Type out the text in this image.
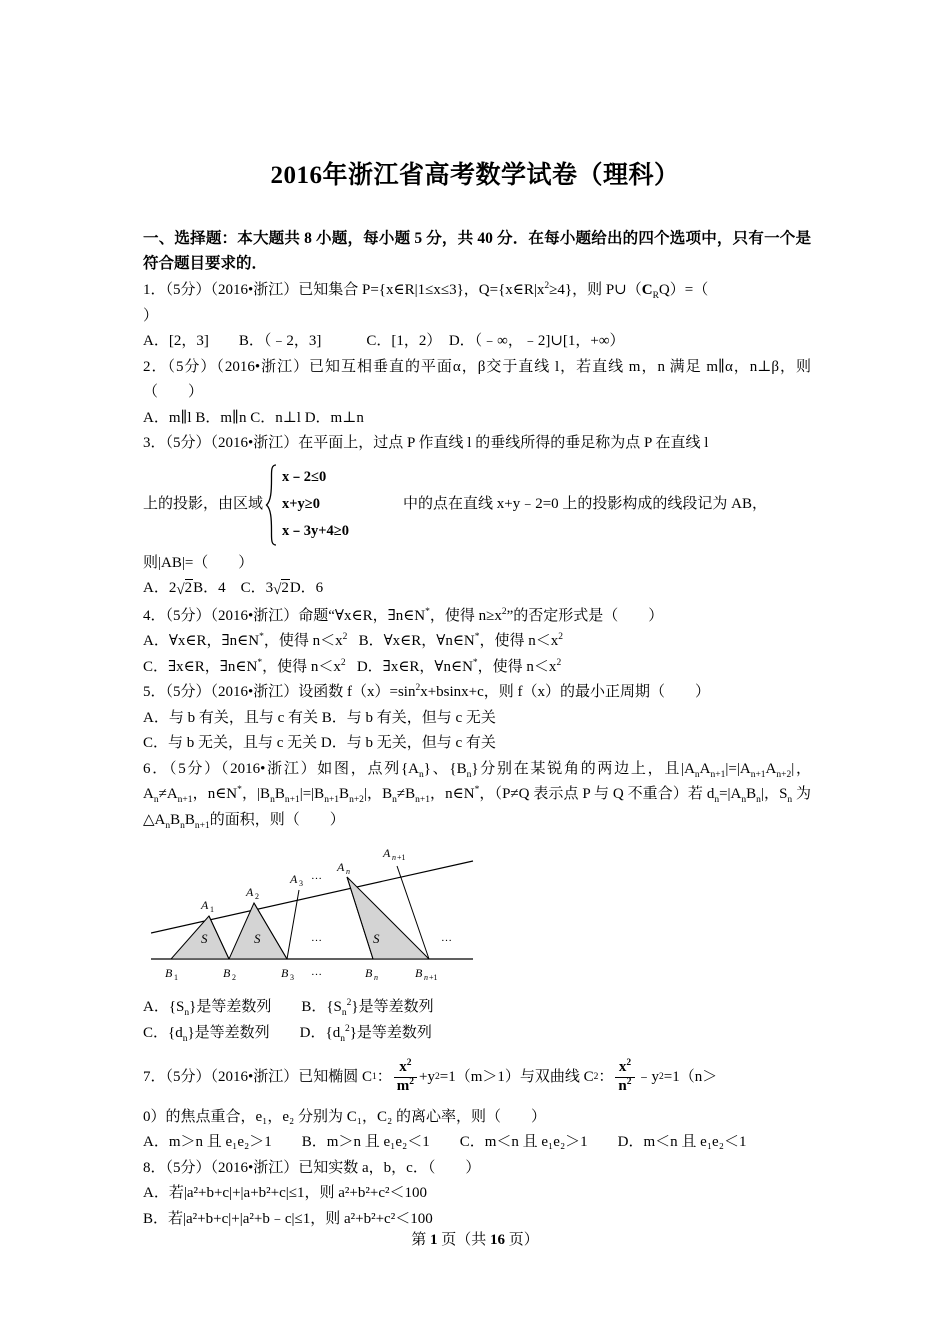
2016年浙江省高考数学试卷（理科）

一、选择题：本大题共 8 小题，每小题 5 分，共 40 分．在每小题给出的四个选项中，只有一个是符合题目要求的．

1．（5分）（2016•浙江）已知集合 P={x∈R|1≤x≤3}，$Q=\{x\in R|x^2\ge 4\}$，则 $P\cup(C_RQ)=$（
）

A．[2，3]　　B．（﹣2，3]　　　C．[1，2）　D．（﹣∞，﹣2]∪[1，+∞）

2．（5分）（2016•浙江）已知互相垂直的平面α，β交于直线 l，若直线 m，n 满足 m∥α，n⊥β，则（　　）

A．m∥l B．m∥n C．n⊥l D．m⊥n

3．（5分）（2016•浙江）在平面上，过点 P 作直线 l 的垂线所得的垂足称为点 P 在直线 l

上的投影，由区域
x﹣2≤0
x+y≥0
x﹣3y+4≥0
中的点在直线 x+y﹣2=0 上的投影构成的线段记为 AB，

则|AB|=（　　）

A．2 √ 2 B．4 C．3 √ 2 D．6

4．（5分）（2016•浙江）命题“∀x∈R，∃n∈N*，使得 $n\ge x^2$”的否定形式是（　　）

A．∀x∈R，∃n∈N*，使得 $n<x^2$ B．∀x∈R，∀n∈N*，使得 $n<x^2$

C．∃x∈R，∃n∈N*，使得 $n<x^2$ D．∃x∈R，∀n∈N*，使得 $n<x^2$

5．（5分）（2016•浙江）设函数 $f(x)=\sin^2x+bsinx+c$，则 f（x）的最小正周期（　　）

A．与 b 有关，且与 c 有关 B．与 b 有关，但与 c 无关

C．与 b 无关，且与 c 无关 D．与 b 无关，但与 c 有关

6．（5分）（2016•浙江）如图，点列$\{A_n\}$、$\{B_n\}$分别在某锐角的两边上，且$|A_nA_{n+1}|=|A_{n+1}A_{n+2}|$，$A_n\ne A_{n+1}$，n∈N*，$|B_nB_{n+1}|=|B_{n+1}B_{n+2}|$，$B_n\ne B_{n+1}$，n∈N*，（P≠Q 表示点 P 与 Q 不重合）若 $d_n=|A_nB_n|$，$S_n$ 为$\triangle A_nB_nB_{n+1}$的面积，则（　　）

A 1
A 2
A 3
…
A n
A n +1
S	S	…	S	…
B 1	B 2	B 3 …	B n	B n +1

A．$\{S_n\}$是等差数列　　B．$\{S_n^2\}$是等差数列

C．$\{d_n\}$是等差数列　　D．$\{d_n^2\}$是等差数列

7．（5分）（2016•浙江）已知椭圆 C 1 ： $\frac{x^2}{m^2} +y$ 2 =1（m＞1）与双曲线 C 2 ： $\frac{x^2}{n^2}$ ﹣y 2 =1（n＞

0）的焦点重合，e₁，e₂ 分别为 C₁，C₂ 的离心率，则（　　）

A．m＞n 且 e₁e₂＞1　　B．m＞n 且 e₁e₂＜1　　C．m＜n 且 e₁e₂＞1　　D．m＜n 且 e₁e₂＜1

8．（5分）（2016•浙江）已知实数 a，b，c．（　　）

A．若|a²+b+c|+|a+b²+c|≤1，则 a²+b²+c²＜100

B．若|a²+b+c|+|a²+b﹣c|≤1，则 a²+b²+c²＜100

第 1 页（共 16 页）
